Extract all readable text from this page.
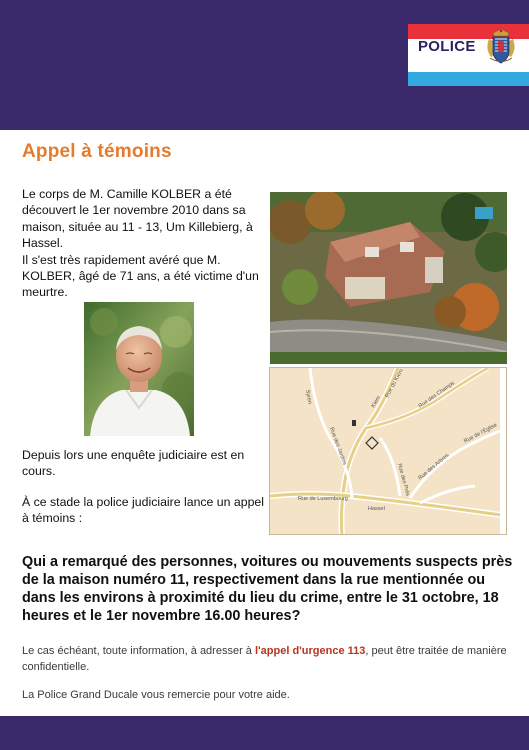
POLICE
Appel à témoins

Le corps de M. Camille KOLBER a été découvert le 1er novembre 2010 dans sa maison, située au 11 - 13, Um Killebierg, à Hassel.

Il s'est très rapidement avéré que M. KOLBER, âgé de 71 ans, a été victime d'un meurtre.

Depuis lors une enquête judiciaire est en cours.
À ce stade la police judiciaire lance un appel à témoins :
Rue du Kiem Rue des Champs
Rue de l'Église
Rue des Jardins
Rue de Luxembourg
Rue des Prés Rue des Arbres
Syren	Kiem
Hassel
Qui a remarqué des personnes, voitures ou mouvements suspects près de la maison numéro 11, respectivement dans la rue mentionnée ou dans les environs à proximité du lieu du crime, entre le 31 octobre, 18 heures et le 1er novembre 16.00 heures?
Le cas échéant, toute information, à adresser à l'appel d'urgence 113, peut être traitée de manière confidentielle.
La Police Grand Ducale vous remercie pour votre aide.
